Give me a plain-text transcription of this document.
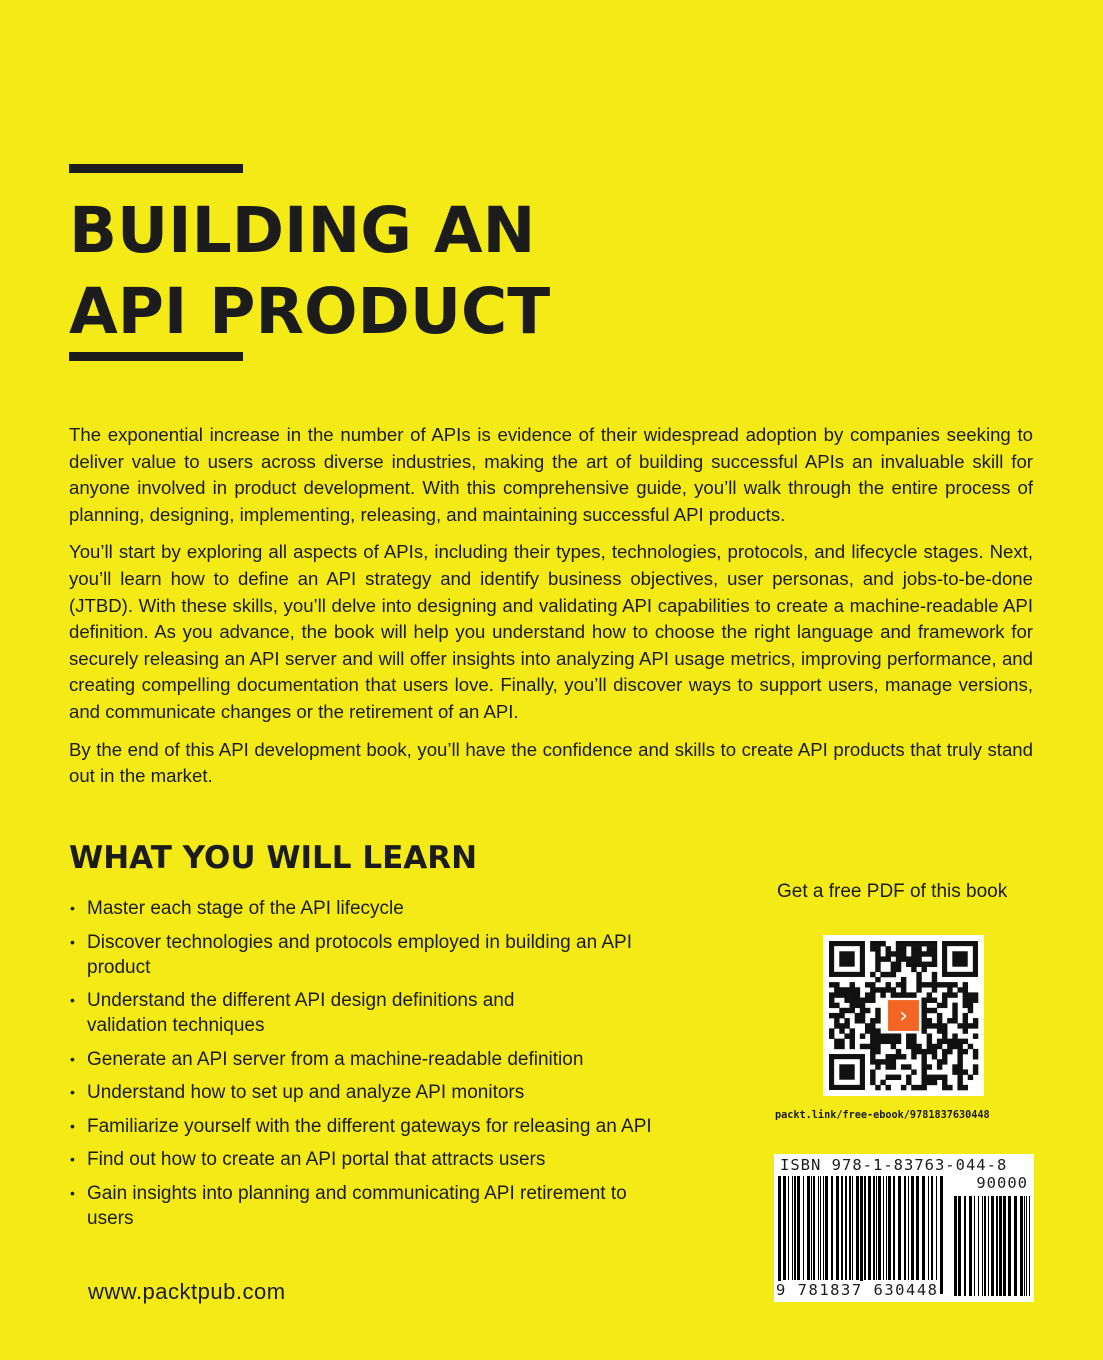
BUILDING AN
API PRODUCT

The exponential increase in the number of APIs is evidence of their widespread adoption by companies seeking to deliver value to users across diverse industries, making the art of building successful APIs an invaluable skill for anyone involved in product development. With this comprehensive guide, you’ll walk through the entire process of planning, designing, implementing, releasing, and maintaining successful API products.

You’ll start by exploring all aspects of APIs, including their types, technologies, protocols, and lifecycle stages. Next, you’ll learn how to define an API strategy and identify business objectives, user personas, and jobs-to-be-done (JTBD). With these skills, you’ll delve into designing and validating API capabilities to create a machine-readable API definition. As you advance, the book will help you understand how to choose the right language and framework for securely releasing an API server and will offer insights into analyzing API usage metrics, improving performance, and creating compelling documentation that users love. Finally, you’ll discover ways to support users, manage versions, and communicate changes or the retirement of an API.

By the end of this API development book, you’ll have the confidence and skills to create API products that truly stand out in the market.

WHAT YOU WILL LEARN
• Master each stage of the API lifecycle
• Discover technologies and protocols employed in building an API product
• Understand the different API design definitions and validation techniques
• Generate an API server from a machine-readable definition
• Understand how to set up and analyze API monitors
• Familiarize yourself with the different gateways for releasing an API
• Find out how to create an API portal that attracts users
• Gain insights into planning and communicating API retirement to users
www.packtpub.com
Get a free PDF of this book
›
packt.link/free-ebook/9781837630448
ISBN 978-1-83763-044-8
90000
9 781837 630448
